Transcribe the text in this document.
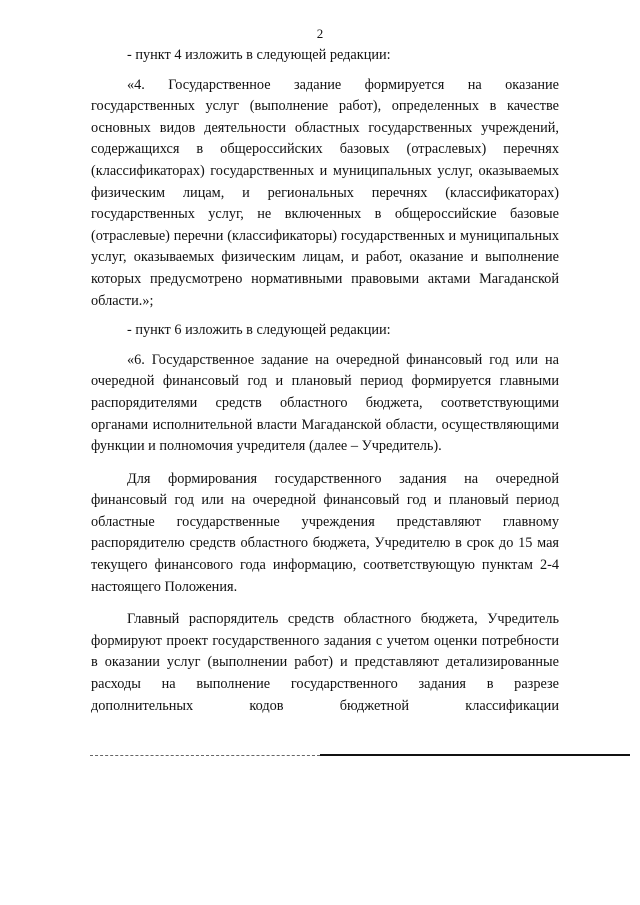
2

- пункт 4 изложить в следующей редакции:

«4. Государственное задание формируется на оказание государственных услуг (выполнение работ), определенных в качестве основных видов деятельности областных государственных учреждений, содержащихся в общероссийских базовых (отраслевых) перечнях (классификаторах) государственных и муниципальных услуг, оказываемых физическим лицам, и региональных перечнях (классификаторах) государственных услуг, не включенных в общероссийские базовые (отраслевые) перечни (классификаторы) государственных и муниципальных услуг, оказываемых физическим лицам, и работ, оказание и выполнение которых предусмотрено нормативными правовыми актами Магаданской области.»;

- пункт 6 изложить в следующей редакции:

«6. Государственное задание на очередной финансовый год или на очередной финансовый год и плановый период формируется главными распорядителями средств областного бюджета, соответствующими органами исполнительной власти Магаданской области, осуществляющими функции и полномочия учредителя (далее – Учредитель).

Для формирования государственного задания на очередной финансовый год или на очередной финансовый год и плановый период областные государственные учреждения представляют главному распорядителю средств областного бюджета, Учредителю в срок до 15 мая текущего финансового года информацию, соответствующую пунктам 2-4 настоящего Положения.

Главный распорядитель средств областного бюджета, Учредитель формируют проект государственного задания с учетом оценки потребности в оказании услуг (выполнении работ) и представляют детализированные расходы на выполнение государственного задания в разрезе дополнительных кодов бюджетной классификации
